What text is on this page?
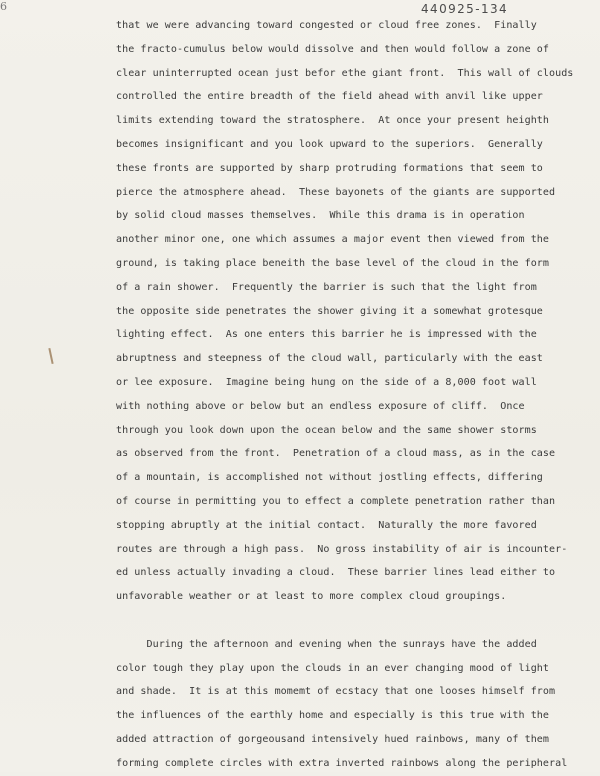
6	440925-134
that we were advancing toward congested or cloud free zones.  Finally
the fracto-cumulus below would dissolve and then would follow a zone of
clear uninterrupted ocean just befor ethe giant front.  This wall of clouds
controlled the entire breadth of the field ahead with anvil like upper
limits extending toward the stratosphere.  At once your present heighth
becomes insignificant and you look upward to the superiors.  Generally
these fronts are supported by sharp protruding formations that seem to
pierce the atmosphere ahead.  These bayonets of the giants are supported
by solid cloud masses themselves.  While this drama is in operation
another minor one, one which assumes a major event then viewed from the
ground, is taking place beneith the base level of the cloud in the form
of a rain shower.  Frequently the barrier is such that the light from
the opposite side penetrates the shower giving it a somewhat grotesque
lighting effect.  As one enters this barrier he is impressed with the
abruptness and steepness of the cloud wall, particularly with the east
or lee exposure.  Imagine being hung on the side of a 8,000 foot wall
with nothing above or below but an endless exposure of cliff.  Once
through you look down upon the ocean below and the same shower storms
as observed from the front.  Penetration of a cloud mass, as in the case
of a mountain, is accomplished not without jostling effects, differing
of course in permitting you to effect a complete penetration rather than
stopping abruptly at the initial contact.  Naturally the more favored
routes are through a high pass.  No gross instability of air is incounter-
ed unless actually invading a cloud.  These barrier lines lead either to
unfavorable weather or at least to more complex cloud groupings.
During the afternoon and evening when the sunrays have the added
color tough they play upon the clouds in an ever changing mood of light
and shade.  It is at this momemt of ecstacy that one looses himself from
the influences of the earthly home and especially is this true with the
added attraction of gorgeousand intensively hued rainbows, many of them
forming complete circles with extra inverted rainbows along the peripheral
